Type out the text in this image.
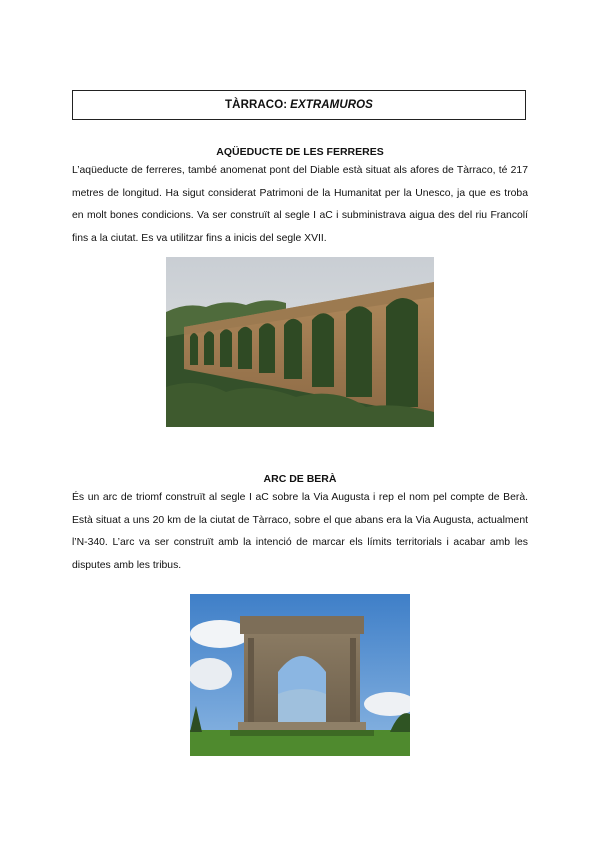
TÀRRACO: EXTRAMUROS
AQÜEDUCTE DE LES FERRERES

L’aqüeducte de ferreres, també anomenat pont del Diable està situat als afores de Tàrraco, té 217 metres de longitud. Ha sigut considerat Patrimoni de la Humanitat per la Unesco, ja que es troba en molt bones condicions. Va ser construït al segle I aC i subministrava aigua des del riu Francolí fins a la ciutat. Es va utilitzar fins a inicis del segle XVII.

ARC DE BERÀ

És un arc de triomf construït al segle I aC sobre la Via Augusta i rep el nom pel compte de Berà. Està situat a uns 20 km de la ciutat de Tàrraco, sobre el que abans era la Via Augusta, actualment l’N-340. L’arc va ser construït amb la intenció de marcar els límits territorials i acabar amb les disputes amb les tribus.
